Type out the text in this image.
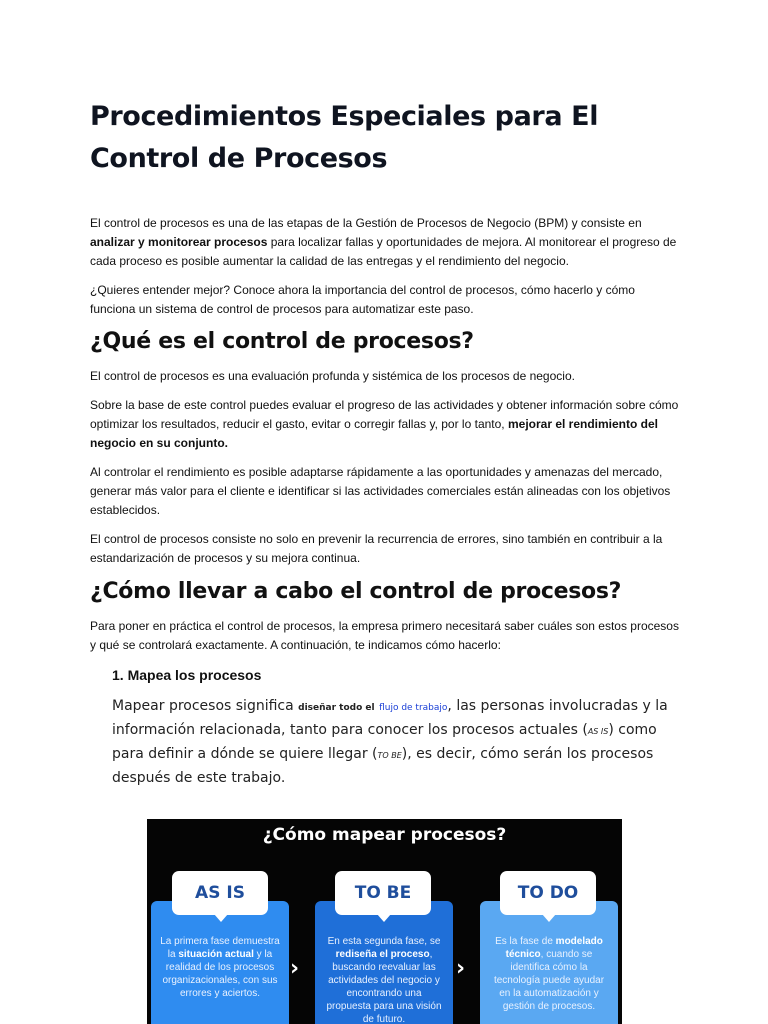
Procedimientos Especiales para El Control de Procesos

El control de procesos es una de las etapas de la Gestión de Procesos de Negocio (BPM) y consiste en analizar y monitorear procesos para localizar fallas y oportunidades de mejora. Al monitorear el progreso de cada proceso es posible aumentar la calidad de las entregas y el rendimiento del negocio.

¿Quieres entender mejor? Conoce ahora la importancia del control de procesos, cómo hacerlo y cómo funciona un sistema de control de procesos para automatizar este paso.

¿Qué es el control de procesos?

El control de procesos es una evaluación profunda y sistémica de los procesos de negocio.

Sobre la base de este control puedes evaluar el progreso de las actividades y obtener información sobre cómo optimizar los resultados, reducir el gasto, evitar o corregir fallas y, por lo tanto, mejorar el rendimiento del negocio en su conjunto.

Al controlar el rendimiento es posible adaptarse rápidamente a las oportunidades y amenazas del mercado, generar más valor para el cliente e identificar si las actividades comerciales están alineadas con los objetivos establecidos.

El control de procesos consiste no solo en prevenir la recurrencia de errores, sino también en contribuir a la estandarización de procesos y su mejora continua.

¿Cómo llevar a cabo el control de procesos?

Para poner en práctica el control de procesos, la empresa primero necesitará saber cuáles son estos procesos y qué se controlará exactamente. A continuación, te indicamos cómo hacerlo:

1. Mapea los procesos
Mapear procesos significa diseñar todo el flujo de trabajo, las personas involucradas y la información relacionada, tanto para conocer los procesos actuales (AS IS) como para definir a dónde se quiere llegar (TO BE), es decir, cómo serán los procesos después de este trabajo.
¿Cómo mapear procesos?
La primera fase demuestra la situación actual y la realidad de los procesos organizacionales, con sus errores y aciertos.
AS IS
›
En esta segunda fase, se rediseña el proceso, buscando reevaluar las actividades del negocio y encontrando una propuesta para una visión de futuro.
TO BE
›
Es la fase de modelado técnico, cuando se identifica cómo la tecnología puede ayudar en la automatización y gestión de procesos.
TO DO
